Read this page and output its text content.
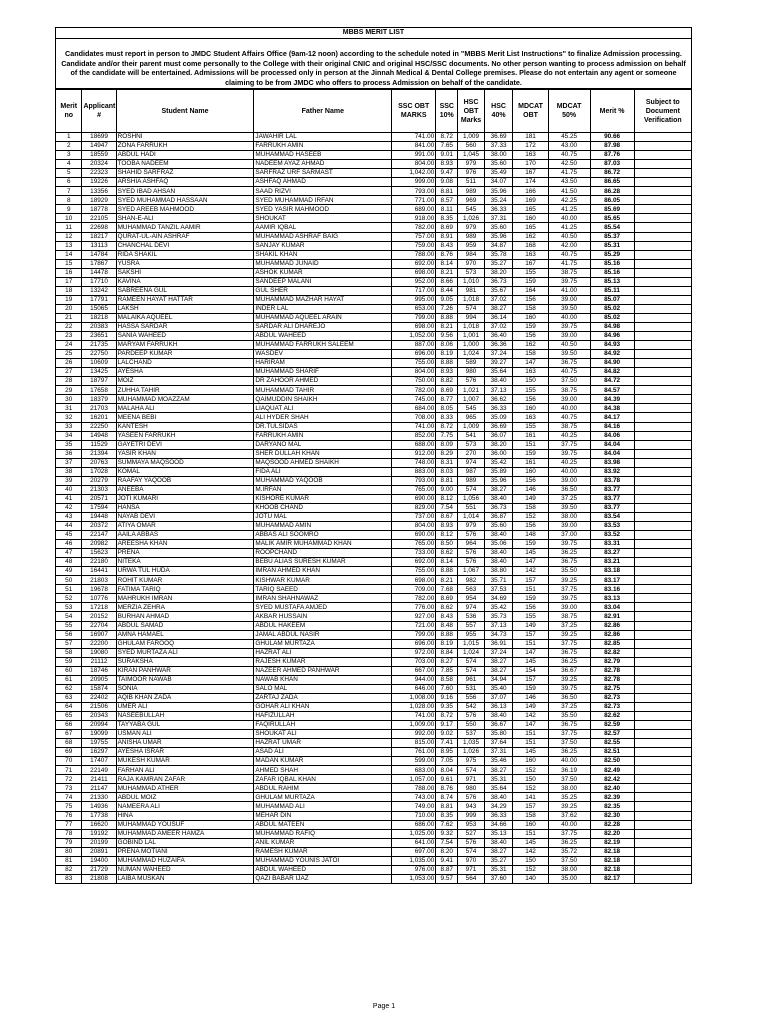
MBBS MERIT LIST
Candidates must report in person to JMDC Student Affairs Office (9am-12 noon) according to the schedule noted in "MBBS Merit List Instructions" to finalize Admission processing. Candidate and/or their parent must come personally to the College with their original CNIC and original HSC/SSC documents. No other person wanting to process admission on behalf of the candidate will be entertained. Admissions will be processed only in person at the Jinnah Medical & Dental College premises. Please do not entertain any agent or someone claiming to be from JMDC who offers to process Admission on behalf of the candidate.
Merit no	Applicant #	Student Name	Father Name	SSC OBT MARKS	SSC 10%	HSC OBT Marks	HSC 40%	MDCAT OBT	MDCAT 50%	Merit %	Subject to Document Verification
1	18699	ROSHNI	JAWAHIR LAL	741.00	8.72	1,009	36.69	181	45.25	90.66	
2	14947	ZONA FARRUKH	FARRUKH AMIN	841.00	7.65	560	37.33	172	43.00	87.98	
3	18559	ABDUL HADI	MUHAMMAD HASEEB	991.00	9.01	1,045	38.00	163	40.75	87.76	
4	20324	TOOBA NADEEM	NADEEM AYAZ AHMAD	804.00	8.93	979	35.60	170	42.50	87.03	
5	22323	SHAHID SARFRAZ	SARFRAZ URF SARMAST	1,042.00	9.47	976	35.49	167	41.75	86.72	
6	19226	ARSHIA ASHFAQ	ASHFAQ AHMAD	999.00	9.08	511	34.07	174	43.50	86.65	
7	13356	SYED IBAD AHSAN	SAAD RIZVI	793.00	8.81	989	35.96	166	41.50	86.28	
8	18929	SYED MUHAMMAD HASSAAN	SYED MUHAMMAD IRFAN	771.00	8.57	969	35.24	169	42.25	86.05	
9	18778	SYED AREEB MAHMOOD	SYED YASIR MAHMOOD	689.00	8.11	545	36.33	165	41.25	85.69	
10	22105	SHAN-E-ALI	SHOUKAT	918.00	8.35	1,026	37.31	160	40.00	85.65	
11	22698	MUHAMMAD TANZIL AAMIR	AAMIR IQBAL	782.00	8.69	979	35.60	165	41.25	85.54	
12	18217	QURAT-UL-AIN ASHRAF	MUHAMMAD ASHRAF BAIG	757.00	8.91	989	35.96	162	40.50	85.37	
13	13113	CHANCHAL DEVI	SANJAY KUMAR	759.00	8.43	959	34.87	168	42.00	85.31	
14	14784	RIDA SHAKIL	SHAKIL KHAN	788.00	8.76	984	35.78	163	40.75	85.29	
15	17867	YUSRA	MUHAMMAD JUNAID	692.00	8.14	970	35.27	167	41.75	85.16	
16	14478	SAKSHI	ASHOK KUMAR	698.00	8.21	573	38.20	155	38.75	85.16	
17	17710	KAVINA	SANDEEP MALANI	952.00	8.66	1,010	36.73	159	39.75	85.13	
18	13242	SABREENA GUL	GUL SHER	717.00	8.44	981	35.67	164	41.00	85.11	
19	17791	RAMEEN HAYAT HATTAR	MUHAMMAD MAZHAR HAYAT	995.00	9.05	1,018	37.02	156	39.00	85.07	
20	15065	LAKSH	INDER LAL	653.00	7.26	574	38.27	158	39.50	85.02	
21	18218	MALAIKA AQUEEL	MUHAMMAD AQUEEL ARAIN	799.00	8.88	994	36.14	160	40.00	85.02	
22	20383	HASSA SARDAR	SARDAR ALI DHAREJO	698.00	8.21	1,018	37.02	159	39.75	84.98	
23	23651	SANIA WAHEED	ABDUL WAHEED	1,052.00	9.56	1,001	36.40	156	39.00	84.96	
24	21735	MARYAM FARRUKH	MUHAMMAD FARRUKH SALEEM	887.00	8.06	1,000	36.36	162	40.50	84.93	
25	22750	PARDEEP KUMAR	WASDEV	696.00	8.19	1,024	37.24	158	39.50	84.92	
26	10609	LALCHAND	HARIRAM	755.00	8.88	589	39.27	147	36.75	84.90	
27	13425	AYESHA	MUHAMMAD SHARIF	804.00	8.93	980	35.64	163	40.75	84.82	
28	18797	MOIZ	DR ZAHOOR AHMED	750.00	8.82	576	38.40	150	37.50	84.72	
29	17658	ZUHHA TAHIR	MUHAMMAD TAHIR	782.00	8.69	1,021	37.13	155	38.75	84.57	
30	18379	MUHAMMAD MOAZZAM	QAIMUDDIN SHAIKH	745.00	8.77	1,007	36.62	156	39.00	84.39	
31	21703	MALAHA ALI	LIAQUAT ALI	684.00	8.05	545	36.33	160	40.00	84.38	
32	16201	MEENA BEBI	ALI HYDER SHAH	708.00	8.33	965	35.09	163	40.75	84.17	
33	22250	KANTESH	DR.TULSIDAS	741.00	8.72	1,009	36.69	155	38.75	84.16	
34	14948	YASEEN FARRUKH	FARRUKH AMIN	852.00	7.75	541	36.07	161	40.25	84.06	
35	11529	GAYETRI DEVI	DARYANO MAL	688.00	8.09	573	38.20	151	37.75	84.04	
36	21394	YASIR KHAN	SHER DULLAH KHAN	912.00	8.29	270	36.00	159	39.75	84.04	
37	20763	SUMMAYA MAQSOOD	MAQSOOD AHMED SHAIKH	748.00	8.31	974	35.42	161	40.25	83.98	
38	17028	KOMAL	FIDA ALI	883.00	8.03	987	35.89	160	40.00	83.92	
39	20279	RAAFAY YAQOOB	MUHAMMAD YAQOOB	793.00	8.81	989	35.96	156	39.00	83.78	
40	21303	ANEEBA	M.IRFAN	765.00	9.00	574	38.27	146	36.50	83.77	
41	20571	JOTI KUMARI	KISHORE KUMAR	690.00	8.12	1,056	38.40	149	37.25	83.77	
42	17594	HANSA	KHOOB CHAND	829.00	7.54	551	36.73	158	39.50	83.77	
43	19448	NAYAB DEVI	JOTU MAL	737.00	8.67	1,014	36.87	152	38.00	83.54	
44	20372	ATIYA OMAR	MUHAMMAD AMIN	804.00	8.93	979	35.60	156	39.00	83.53	
45	22147	AAILA ABBAS	ABBAS ALI SOOMRO	690.00	8.12	576	38.40	148	37.00	83.52	
46	20982	AREESHA KHAN	MALIK AMIR MUHAMMAD KHAN	765.00	8.50	964	35.06	159	39.75	83.31	
47	15623	PRENA	ROOPCHAND	733.00	8.62	576	38.40	145	36.25	83.27	
48	22180	NITEKA	BEBU ALIAS SURESH KUMAR	692.00	8.14	576	38.40	147	36.75	83.21	
49	16441	URWA TUL HUDA	IMRAN AHMED KHAN	755.00	8.88	1,067	38.80	142	35.50	83.18	
50	21803	ROHIT KUMAR	KISHWAR KUMAR	698.00	8.21	982	35.71	157	39.25	83.17	
51	19678	FATIMA TARIQ	TARIQ SAEED	709.00	7.68	563	37.53	151	37.75	83.16	
52	10776	MAHRUKH IMRAN	IMRAN SHAHNAWAZ	782.00	8.69	954	34.69	159	39.75	83.13	
53	17218	MERZIA ZEHRA	SYED MUSTAFA AMJED	776.00	8.62	974	35.42	156	39.00	83.04	
54	20152	BURHAN AHMAD	AKBAR HUSSAIN	927.00	8.43	536	35.73	155	38.75	82.91	
55	22704	ABDUL SAMAD	ABDUL HAKEEM	721.00	8.48	557	37.13	149	37.25	82.86	
56	16907	AMNA HAMAEL	JAMAL ABDUL NASIR	799.00	8.88	955	34.73	157	39.25	82.86	
57	22200	GHULAM FAROOQ	GHULAM MURTAZA	696.00	8.19	1,015	36.91	151	37.75	82.85	
58	19080	SYED MURTAZA ALI	HAZRAT ALI	972.00	8.84	1,024	37.24	147	36.75	82.82	
59	21112	SURAKSHA	RAJESH KUMAR	703.00	8.27	574	38.27	145	36.25	82.79	
60	18746	KIRAN PANHWAR	NAZEER AHMED PANHWAR	667.00	7.85	574	38.27	154	36.67	82.78	
61	20905	TAIMOOR NAWAB	NAWAB KHAN	944.00	8.58	961	34.94	157	39.25	82.78	
62	15874	SONIA	SALO MAL	646.00	7.60	531	35.40	159	39.75	82.75	
63	22402	AQIB KHAN ZADA	ZARTAJ ZADA	1,008.00	9.16	556	37.07	146	36.50	82.73	
64	21506	UMER ALI	GOHAR ALI KHAN	1,028.00	9.35	542	36.13	149	37.25	82.73	
65	20343	NASEEBULLAH	HAFIZULLAH	741.00	8.72	576	38.40	142	35.50	82.62	
66	20994	TAYYABA GUL	FAQIRULLAH	1,009.00	9.17	550	36.67	147	36.75	82.59	
67	19099	USMAN ALI	SHOUKAT ALI	992.00	9.02	537	35.80	151	37.75	82.57	
68	19755	ANISHA UMAR	HAZRAT UMAR	815.00	7.41	1,035	37.64	151	37.50	82.55	
69	16297	AYESHA ISRAR	ASAD ALI	761.00	8.95	1,026	37.31	145	36.25	82.51	
70	17407	MUKESH KUMAR	MADAN KUMAR	599.00	7.05	975	35.46	160	40.00	82.50	
71	22149	FARHAN ALI	AHMED SHAH	683.00	8.04	574	38.27	152	36.19	82.49	
72	21411	RAJA KAMRAN ZAFAR	ZAFAR IQBAL KHAN	1,057.00	9.61	971	35.31	150	37.50	82.42	
73	21147	MUHAMMAD ATHER	ABDUL RAHIM	788.00	8.76	980	35.64	152	38.00	82.40	
74	21330	ABDUL MOIZ	GHULAM MURTAZA	743.00	8.74	576	38.40	141	35.25	82.39	
75	14936	NAMEERA ALI	MUHAMMAD ALI	749.00	8.81	943	34.29	157	39.25	82.35	
76	17738	HINA	MEHAR DIN	710.00	8.35	999	36.33	158	37.62	82.30	
77	16620	MUHAMMAD YOUSUF	ABDUL MATEEN	686.00	7.62	953	34.66	160	40.00	82.28	
78	19192	MUHAMMAD AMEER HAMZA	MUHAMMAD RAFIQ	1,025.00	9.32	527	35.13	151	37.75	82.20	
79	20199	GOBIND LAL	ANIL KUMAR	641.00	7.54	576	38.40	145	36.25	82.19	
80	20891	PRENA MOTIANI	RAMESH KUMAR	697.00	8.20	574	38.27	142	35.72	82.18	
81	19400	MUHAMMAD HUZAIFA	MUHAMMAD YOUNIS JATOI	1,035.00	9.41	970	35.27	150	37.50	82.18	
82	21729	NUMAN WAHEED	ABDUL WAHEED	976.00	8.87	971	35.31	152	38.00	82.18	
83	21808	LAIBA MUSKAN	QAZI BABAR IJAZ	1,053.00	9.57	564	37.60	140	35.00	82.17	
Page 1
